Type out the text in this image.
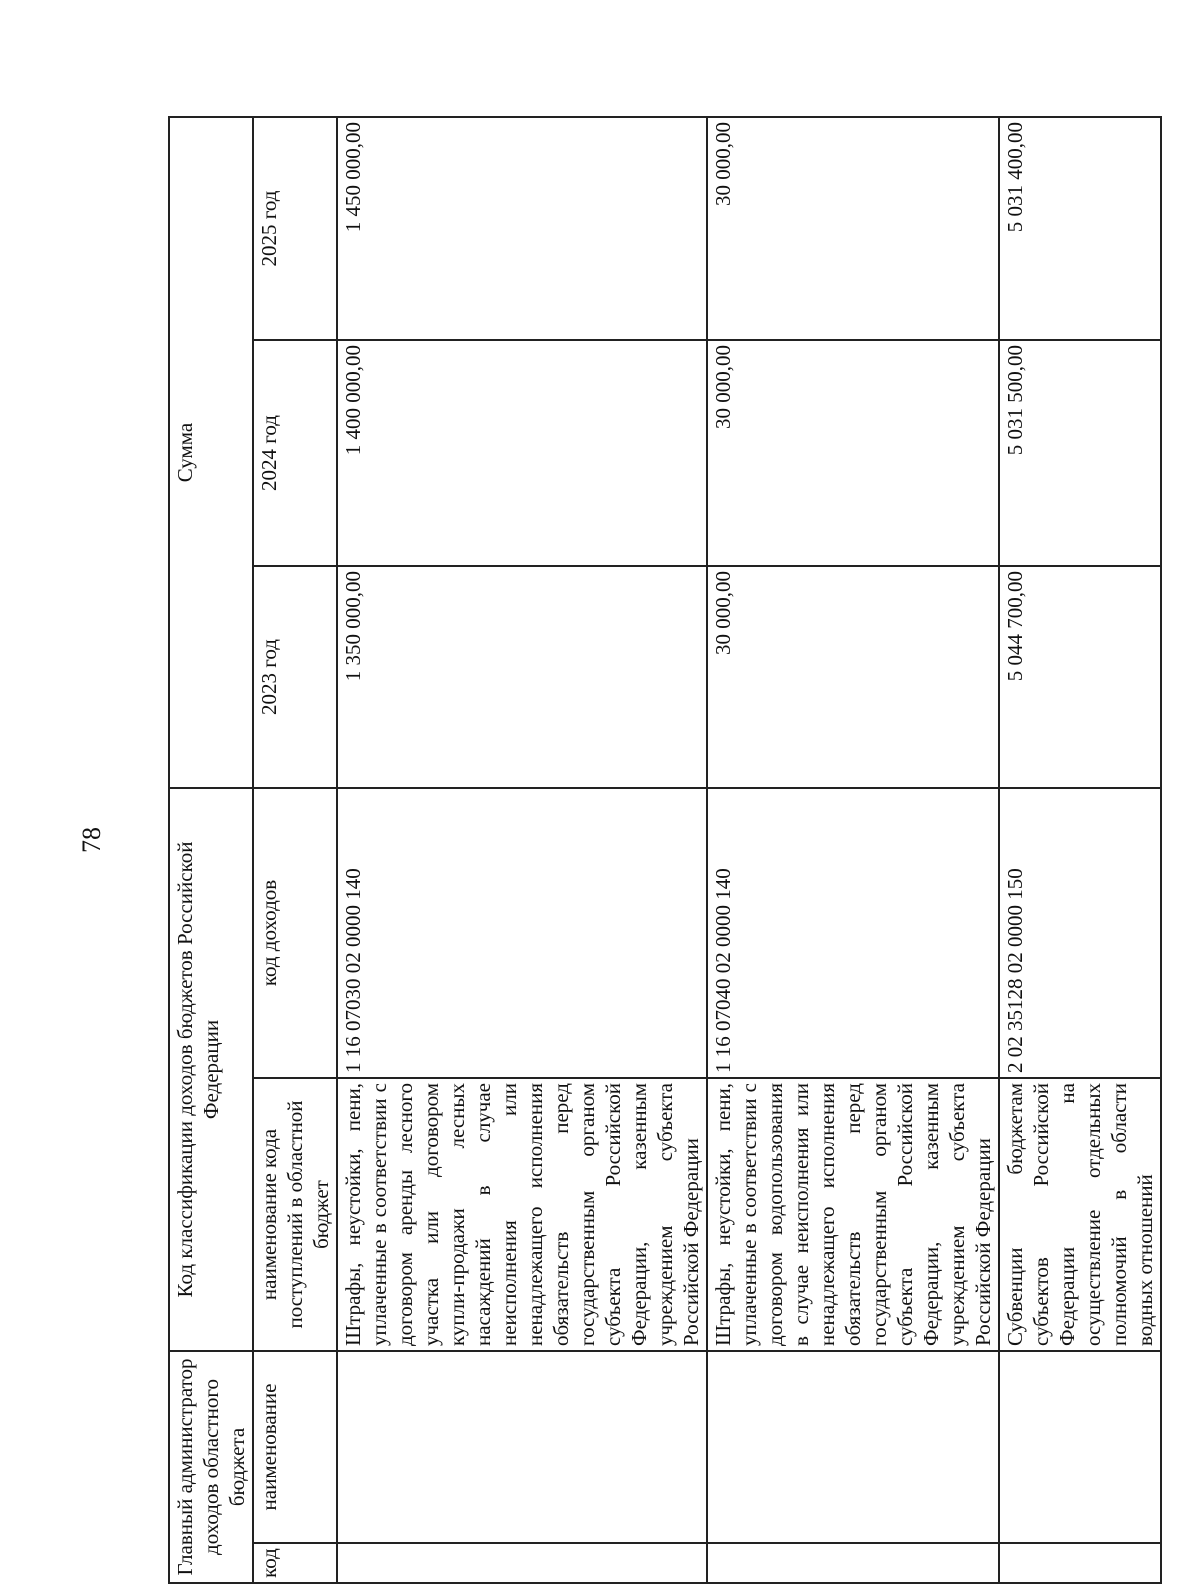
78
Главный администратор доходов областного бюджета		Код классификации доходов бюджетов Российской Федерации		Сумма		
код	наименование	наименование кода поступлений в областной бюджет	код доходов	2023 год	2024 год	2025 год
		Штрафы, неустойки, пени, уплаченные в соответствии с договором аренды лесного участка или договором купли-продажи лесных насаждений в случае неисполнения или ненадлежащего исполнения обязательств перед государственным органом субъекта Российской Федерации, казенным учреждением субъекта Российской Федерации	1 16 07030 02 0000 140	1 350 000,00	1 400 000,00	1 450 000,00
		Штрафы, неустойки, пени, уплаченные в соответствии с договором водопользования в случае неисполнения или ненадлежащего исполнения обязательств перед государственным органом субъекта Российской Федерации, казенным учреждением субъекта Российской Федерации	1 16 07040 02 0000 140	30 000,00	30 000,00	30 000,00
		Субвенции бюджетам субъектов Российской Федерации на осуществление отдельных полномочий в области водных отношений	2 02 35128 02 0000 150	5 044 700,00	5 031 500,00	5 031 400,00
